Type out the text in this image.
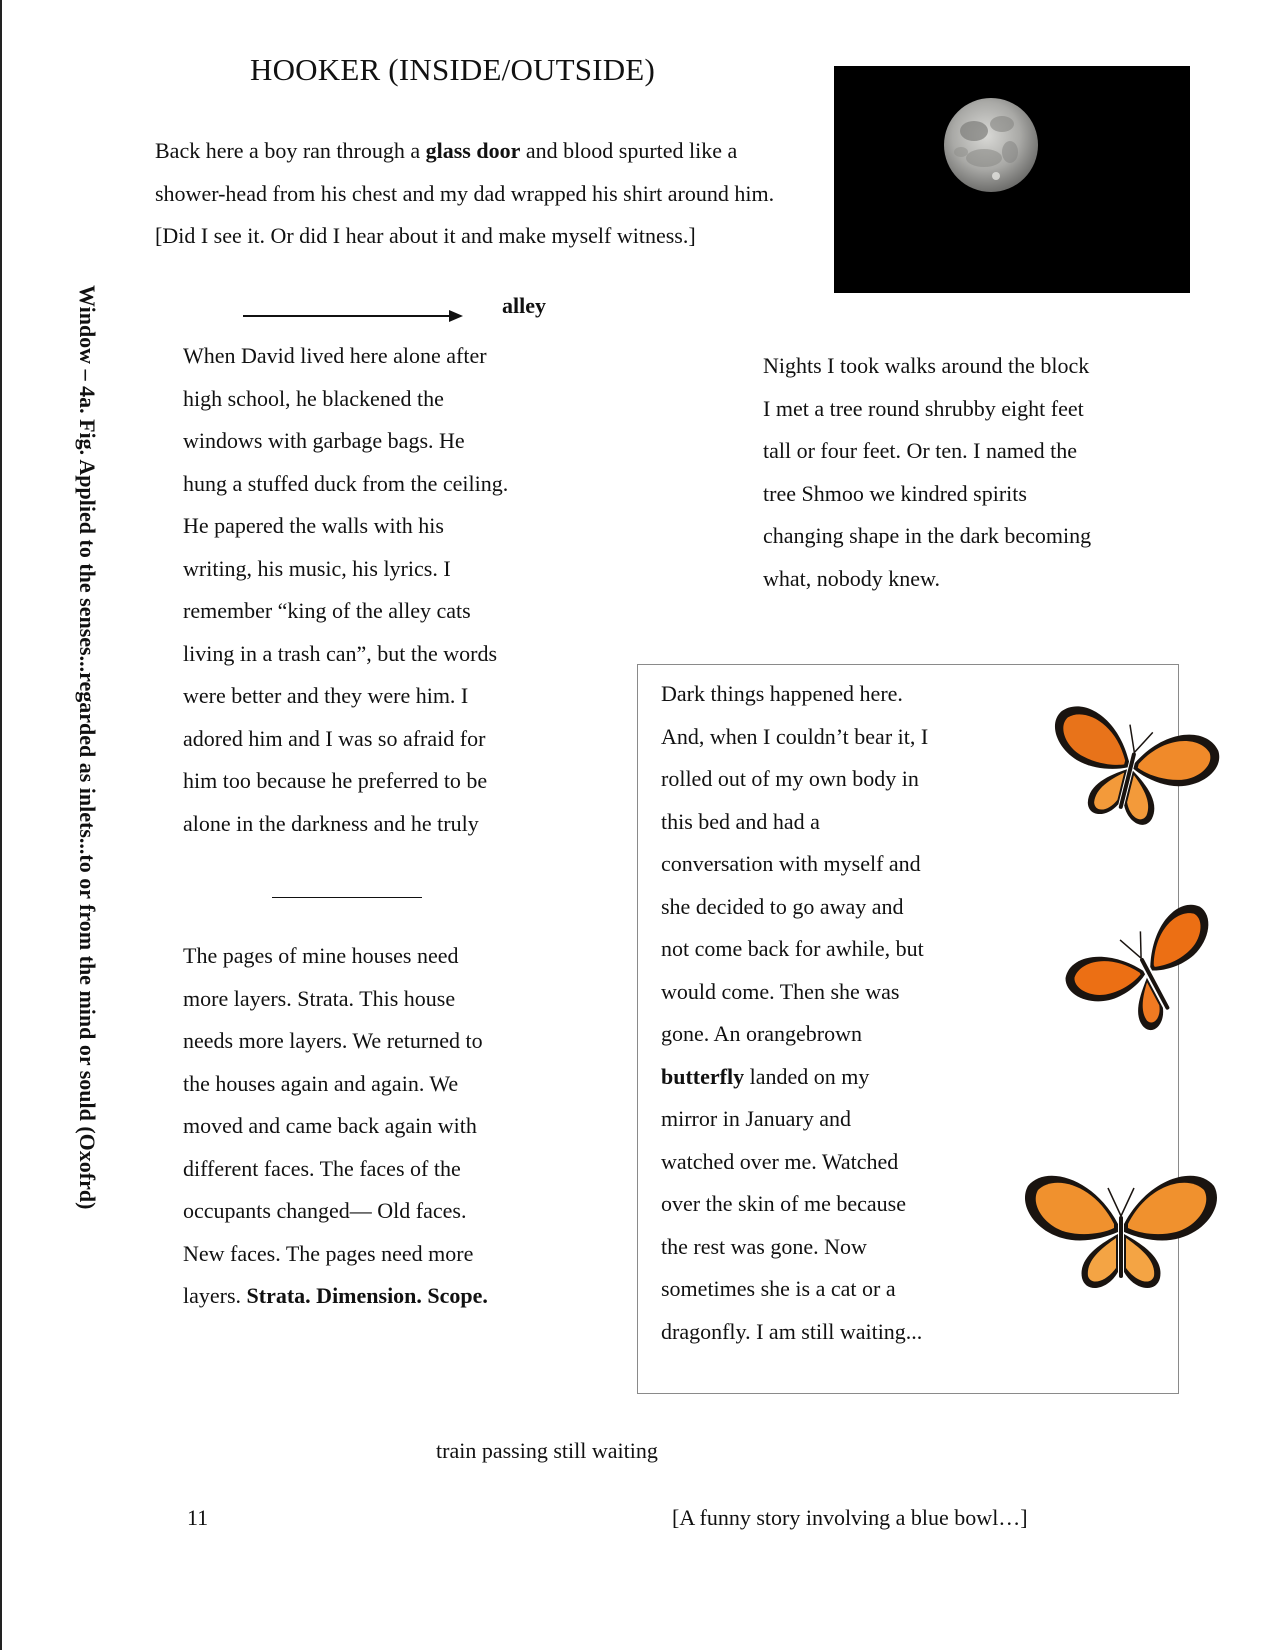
HOOKER (INSIDE/OUTSIDE)
Back here a boy ran through a glass door and blood spurted like a shower-head from his chest and my dad wrapped his shirt around him. [Did I see it. Or did I hear about it and make myself witness.]
alley

When David lived here alone after

high school, he blackened the

windows with garbage bags. He

hung a stuffed duck from the ceiling.

He papered the walls with his

writing, his music, his lyrics. I

remember “king of the alley cats

living in a trash can”, but the words

were better and they were him. I

adored him and I was so afraid for

him too because he preferred to be

alone in the darkness and he truly

Nights I took walks around the block

I met a tree round shrubby eight feet

tall or four feet. Or ten. I named the

tree Shmoo we kindred spirits

changing shape in the dark becoming

what, nobody knew.

The pages of mine houses need

more layers. Strata. This house

needs more layers. We returned to

the houses again and again. We

moved and came back again with

different faces. The faces of the

occupants changed— Old faces.

New faces. The pages need more

layers. Strata. Dimension. Scope.

Dark things happened here.

And, when I couldn’t bear it, I

rolled out of my own body in

this bed and had a

conversation with myself and

she decided to go away and

not come back for awhile, but

would come. Then she was

gone. An orangebrown

butterfly landed on my

mirror in January and

watched over me. Watched

over the skin of me because

the rest was gone. Now

sometimes she is a cat or a

dragonfly. I am still waiting...

Window – 4a. Fig. Applied to the senses...regarded as inlets...to or from the mind or sould (Oxofrd)
train passing still waiting
11	[A funny story involving a blue bowl…]
